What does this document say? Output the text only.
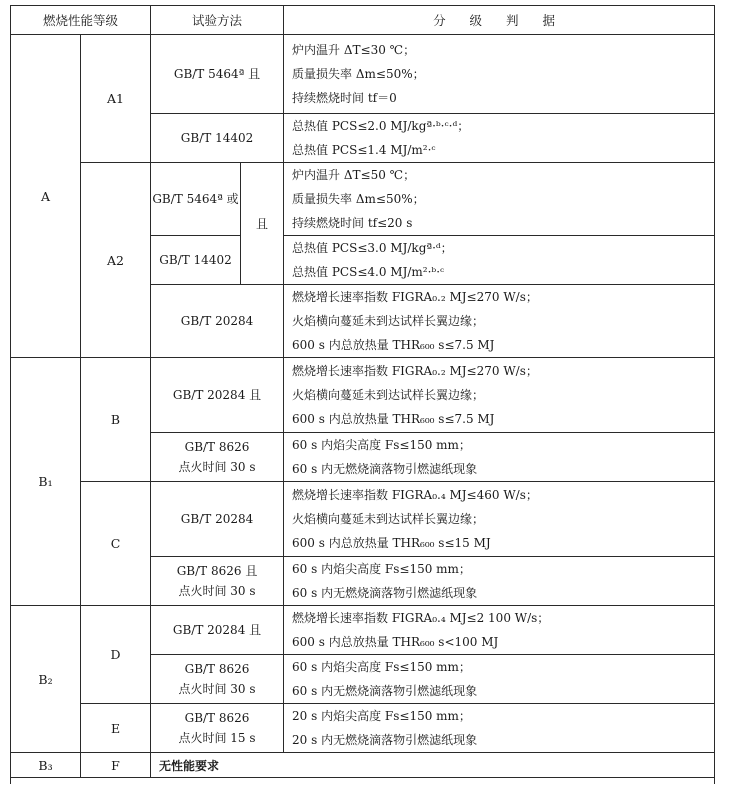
燃烧性能等级		试验方法		分 级 判 据
A	A1	GB/T 5464ª 且		炉内温升 ΔT≤30 ℃；
质量损失率 Δm≤50%；
持续燃烧时间 tf＝0

		GB/T 14402		总热值 PCS≤2.0 MJ/kgª·ᵇ·ᶜ·ᵈ；
总热值 PCS≤1.4 MJ/m²·ᶜ

	A2	GB/T 5464ª 或	且	炉内温升 ΔT≤50 ℃；
质量损失率 Δm≤50%；
持续燃烧时间 tf≤20 s

		GB/T 14402		总热值 PCS≤3.0 MJ/kgª·ᵈ；
总热值 PCS≤4.0 MJ/m²·ᵇ·ᶜ

		GB/T 20284		燃烧增长速率指数 FIGRA₀.₂ MJ≤270 W/s；
火焰横向蔓延未到达试样长翼边缘；
600 s 内总放热量 THR₆₀₀ s≤7.5 MJ

B₁	B	GB/T 20284 且		燃烧增长速率指数 FIGRA₀.₂ MJ≤270 W/s；
火焰横向蔓延未到达试样长翼边缘；
600 s 内总放热量 THR₆₀₀ s≤7.5 MJ

		GB/T 8626
点火时间 30 s		60 s 内焰尖高度 Fs≤150 mm；
60 s 内无燃烧滴落物引燃滤纸现象

	C	GB/T 20284		燃烧增长速率指数 FIGRA₀.₄ MJ≤460 W/s；
火焰横向蔓延未到达试样长翼边缘；
600 s 内总放热量 THR₆₀₀ s≤15 MJ

		GB/T 8626 且
点火时间 30 s		60 s 内焰尖高度 Fs≤150 mm；
60 s 内无燃烧滴落物引燃滤纸现象

B₂	D	GB/T 20284 且		燃烧增长速率指数 FIGRA₀.₄ MJ≤2 100 W/s；
600 s 内总放热量 THR₆₀₀ s<100 MJ

		GB/T 8626
点火时间 30 s		60 s 内焰尖高度 Fs≤150 mm；
60 s 内无燃烧滴落物引燃滤纸现象

	E	GB/T 8626
点火时间 15 s		20 s 内焰尖高度 Fs≤150 mm；
20 s 内无燃烧滴落物引燃滤纸现象

B₃	F	无性能要求		
